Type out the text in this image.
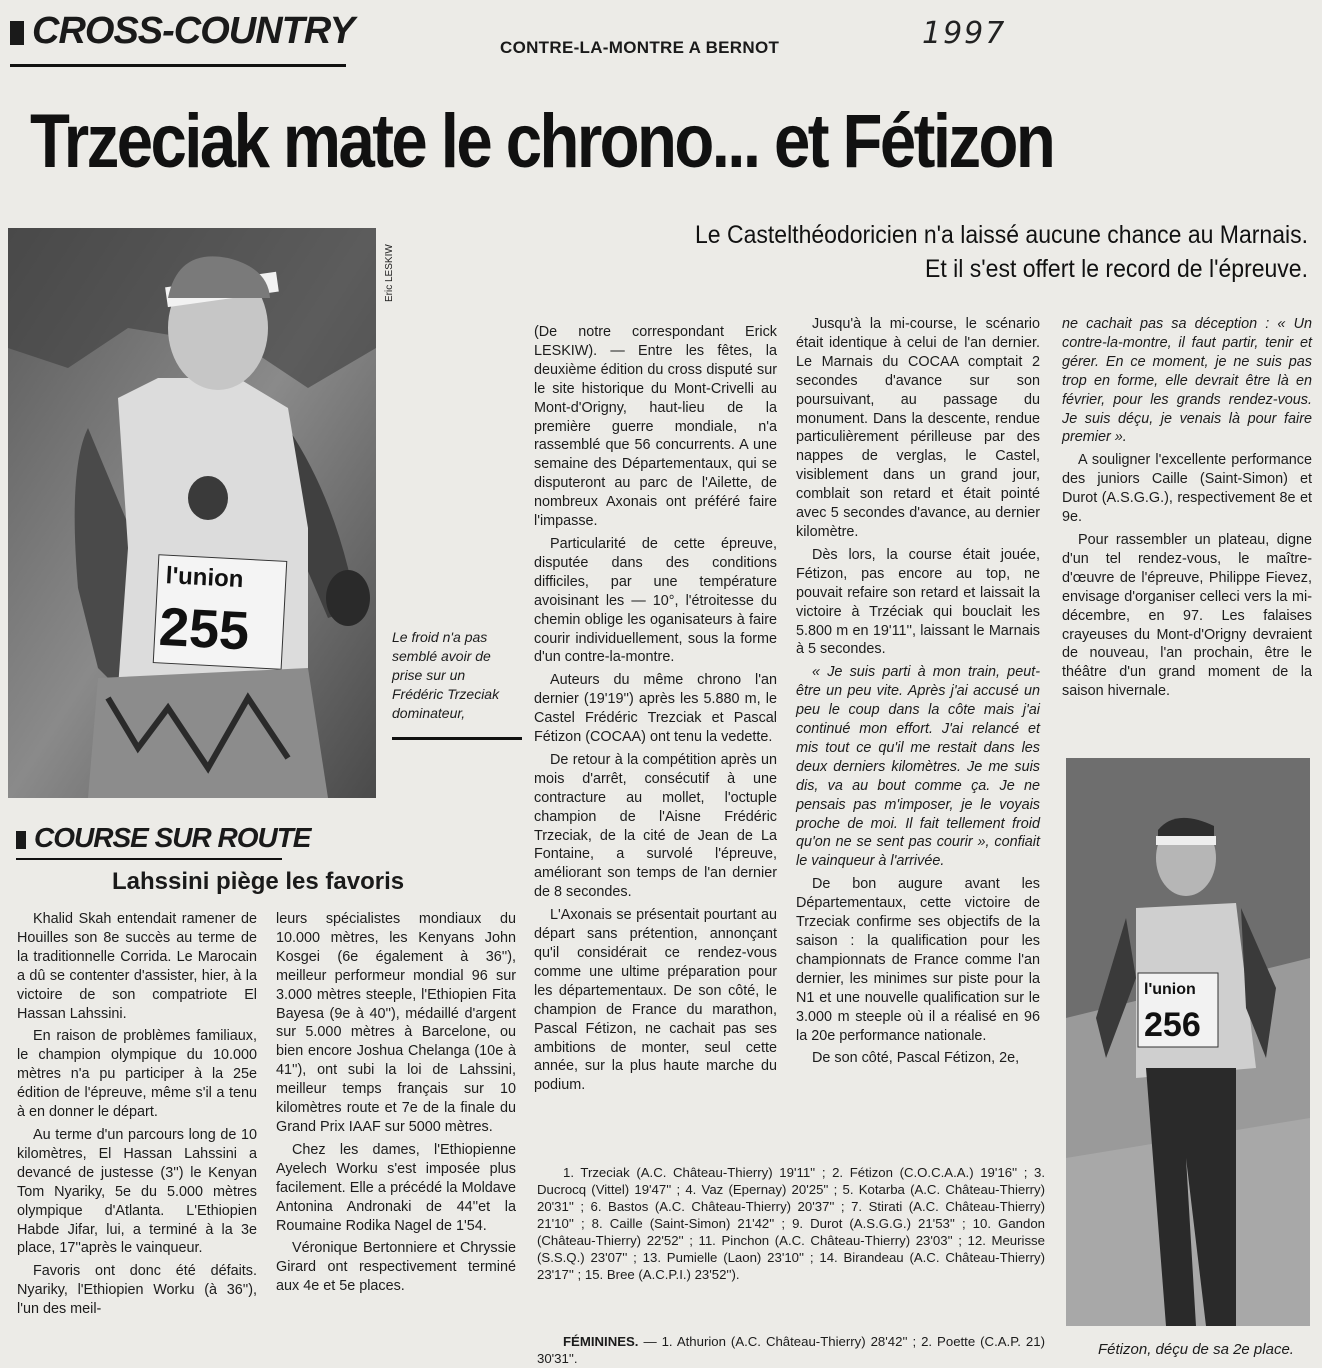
CROSS-COUNTRY	CONTRE-LA-MONTRE A BERNOT	1997
Trzeciak mate le chrono... et Fétizon
Le Castelthéodoricien n'a laissé aucune chance au Marnais.
Et il s'est offert le record de l'épreuve.
l'union
255
Eric LESKIW
Le froid n'a pas semblé avoir de prise sur un Frédéric Trzeciak dominateur,

(De notre correspondant Erick LESKIW). — Entre les fêtes, la deuxième édition du cross disputé sur le site historique du Mont-Crivelli au Mont-d'Origny, haut-lieu de la première guerre mondiale, n'a rassemblé que 56 concurrents. A une semaine des Départementaux, qui se disputeront au parc de l'Ailette, de nombreux Axonais ont préféré faire l'impasse.

Particularité de cette épreuve, disputée dans des conditions difficiles, par une température avoisinant les — 10°, l'étroitesse du chemin oblige les oganisateurs à faire courir individuellement, sous la forme d'un contre-la-montre.

Auteurs du même chrono l'an dernier (19'19'') après les 5.880 m, le Castel Frédéric Trezciak et Pascal Fétizon (COCAA) ont tenu la vedette.

De retour à la compétition après un mois d'arrêt, consécutif à une contracture au mollet, l'octuple champion de l'Aisne Frédéric Trzeciak, de la cité de Jean de La Fontaine, a survolé l'épreuve, améliorant son temps de l'an dernier de 8 secondes.

L'Axonais se présentait pourtant au départ sans prétention, annonçant qu'il considérait ce rendez-vous comme une ultime préparation pour les départementaux. De son côté, le champion de France du marathon, Pascal Fétizon, ne cachait pas ses ambitions de monter, seul cette année, sur la plus haute marche du podium.

Jusqu'à la mi-course, le scénario était identique à celui de l'an dernier. Le Marnais du COCAA comptait 2 secondes d'avance sur son poursuivant, au passage du monument. Dans la descente, rendue particulièrement périlleuse par des nappes de verglas, le Castel, visiblement dans un grand jour, comblait son retard et était pointé avec 5 secondes d'avance, au dernier kilomètre.

Dès lors, la course était jouée, Fétizon, pas encore au top, ne pouvait refaire son retard et laissait la victoire à Trzéciak qui bouclait les 5.800 m en 19'11'', laissant le Marnais à 5 secondes.

« Je suis parti à mon train, peut-être un peu vite. Après j'ai accusé un peu le coup dans la côte mais j'ai continué mon effort. J'ai relancé et mis tout ce qu'il me restait dans les deux derniers kilomètres. Je me suis dis, va au bout comme ça. Je ne pensais pas m'imposer, je le voyais proche de moi. Il fait tellement froid qu'on ne se sent pas courir », confiait le vainqueur à l'arrivée.

De bon augure avant les Départementaux, cette victoire de Trzeciak confirme ses objectifs de la saison : la qualification pour les championnats de France comme l'an dernier, les minimes sur piste pour la N1 et une nouvelle qualification sur le 3.000 m steeple où il a réalisé en 96 la 20e performance nationale.

De son côté, Pascal Fétizon, 2e,

ne cachait pas sa déception : « Un contre-la-montre, il faut partir, tenir et gérer. En ce moment, je ne suis pas trop en forme, elle devrait être là en février, pour les grands rendez-vous. Je suis déçu, je venais là pour faire premier ».

A souligner l'excellente performance des juniors Caille (Saint-Simon) et Durot (A.S.G.G.), respectivement 8e et 9e.

Pour rassembler un plateau, digne d'un tel rendez-vous, le maître-d'œuvre de l'épreuve, Philippe Fievez, envisage d'organiser celleci vers la mi-décembre, en 97. Les falaises crayeuses du Mont-d'Origny devraient de nouveau, l'an prochain, être le théâtre d'un grand moment de la saison hivernale.

l'union
256
Fétizon, déçu de sa 2e place.
1. Trzeciak (A.C. Château-Thierry) 19'11'' ; 2. Fétizon (C.O.C.A.A.) 19'16'' ; 3. Ducrocq (Vittel) 19'47'' ; 4. Vaz (Epernay) 20'25'' ; 5. Kotarba (A.C. Château-Thierry) 20'31'' ; 6. Bastos (A.C. Château-Thierry) 20'37'' ; 7. Stirati (A.C. Château-Thierry) 21'10'' ; 8. Caille (Saint-Simon) 21'42'' ; 9. Durot (A.S.G.G.) 21'53'' ; 10. Gandon (Château-Thierry) 22'52'' ; 11. Pinchon (A.C. Château-Thierry) 23'03'' ; 12. Meurisse (S.S.Q.) 23'07'' ; 13. Pumielle (Laon) 23'10'' ; 14. Birandeau (A.C. Château-Thierry) 23'17'' ; 15. Bree (A.C.P.I.) 23'52'').
FÉMININES. — 1. Athurion (A.C. Château-Thierry) 28'42'' ; 2. Poette (C.A.P. 21) 30'31''.
COURSE SUR ROUTE
Lahssini piège les favoris

Khalid Skah entendait ramener de Houilles son 8e succès au terme de la traditionnelle Corrida. Le Marocain a dû se contenter d'assister, hier, à la victoire de son compatriote El Hassan Lahssini.

En raison de problèmes familiaux, le champion olympique du 10.000 mètres n'a pu participer à la 25e édition de l'épreuve, même s'il a tenu à en donner le départ.

Au terme d'un parcours long de 10 kilomètres, El Hassan Lahssini a devancé de justesse (3'') le Kenyan Tom Nyariky, 5e du 5.000 mètres olympique d'Atlanta. L'Ethiopien Habde Jifar, lui, a terminé à la 3e place, 17''après le vainqueur.

Favoris ont donc été défaits. Nyariky, l'Ethiopien Worku (à 36''), l'un des meil-

leurs spécialistes mondiaux du 10.000 mètres, les Kenyans John Kosgei (6e également à 36''), meilleur performeur mondial 96 sur 3.000 mètres steeple, l'Ethiopien Fita Bayesa (9e à 40''), médaillé d'argent sur 5.000 mètres à Barcelone, ou bien encore Joshua Chelanga (10e à 41''), ont subi la loi de Lahssini, meilleur temps français sur 10 kilomètres route et 7e de la finale du Grand Prix IAAF sur 5000 mètres.

Chez les dames, l'Ethiopienne Ayelech Worku s'est imposée plus facilement. Elle a précédé la Moldave Antonina Andronaki de 44''et la Roumaine Rodika Nagel de 1'54.

Véronique Bertonniere et Chryssie Girard ont respectivement terminé aux 4e et 5e places.
